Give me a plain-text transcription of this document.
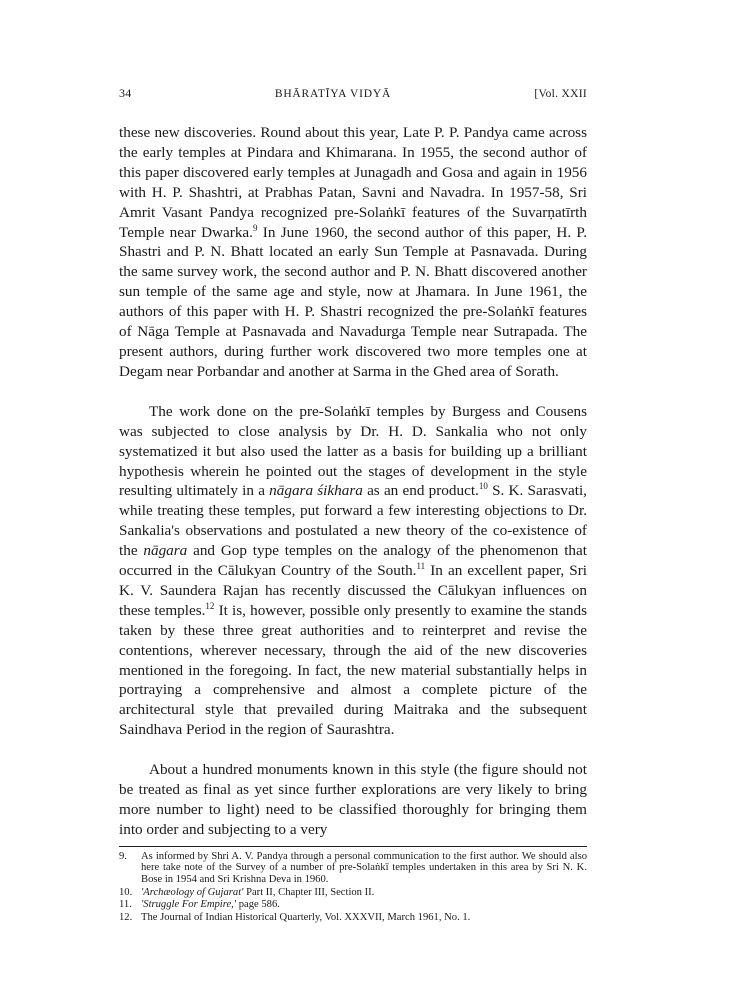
34	BHĀRATĪYA VIDYĀ	[Vol. XXII

these new discoveries. Round about this year, Late P. P. Pandya came across the early temples at Pindara and Khimarana. In 1955, the second author of this paper discovered early temples at Junagadh and Gosa and again in 1956 with H. P. Shashtri, at Prabhas Patan, Savni and Navadra. In 1957-58, Sri Amrit Vasant Pandya recognized pre-Solaṅkī features of the Suvarṇatīrth Temple near Dwarka.$^9$ In June 1960, the second author of this paper, H. P. Shastri and P. N. Bhatt located an early Sun Temple at Pasnavada. During the same survey work, the second author and P. N. Bhatt discovered another sun temple of the same age and style, now at Jhamara. In June 1961, the authors of this paper with H. P. Shastri recognized the pre-Solaṅkī features of Nāga Temple at Pasnavada and Navadurga Temple near Sutrapada. The present authors, during further work discovered two more temples one at Degam near Porbandar and another at Sarma in the Ghed area of Sorath.

The work done on the pre-Solaṅkī temples by Burgess and Cousens was subjected to close analysis by Dr. H. D. Sankalia who not only systematized it but also used the latter as a basis for building up a brilliant hypothesis wherein he pointed out the stages of development in the style resulting ultimately in a nāgara śikhara as an end product.$^{10}$ S. K. Sarasvati, while treating these temples, put forward a few interesting objections to Dr. Sankalia's observations and postulated a new theory of the co-existence of the nāgara and Gop type temples on the analogy of the phenomenon that occurred in the Cālukyan Country of the South.$^{11}$ In an excellent paper, Sri K. V. Saundera Rajan has recently discussed the Cālukyan influences on these temples.$^{12}$ It is, however, possible only presently to examine the stands taken by these three great authorities and to reinterpret and revise the contentions, wherever necessary, through the aid of the new discoveries mentioned in the foregoing. In fact, the new material substantially helps in portraying a comprehensive and almost a complete picture of the architectural style that prevailed during Maitraka and the subsequent Saindhava Period in the region of Saurashtra.

About a hundred monuments known in this style (the figure should not be treated as final as yet since further explorations are very likely to bring more number to light) need to be classified thoroughly for bringing them into order and subjecting to a very

9.	As informed by Shri A. V. Pandya through a personal communication to the first author. We should also here take note of the Survey of a number of pre-Solaṅkī temples undertaken in this area by Sri N. K. Bose in 1954 and Sri Krishna Deva in 1960.
10. 'Archæology of Gujarat' Part II, Chapter III, Section II.
11. 'Struggle For Empire,' page 586.
12. The Journal of Indian Historical Quarterly, Vol. XXXVII, March 1961, No. 1.
